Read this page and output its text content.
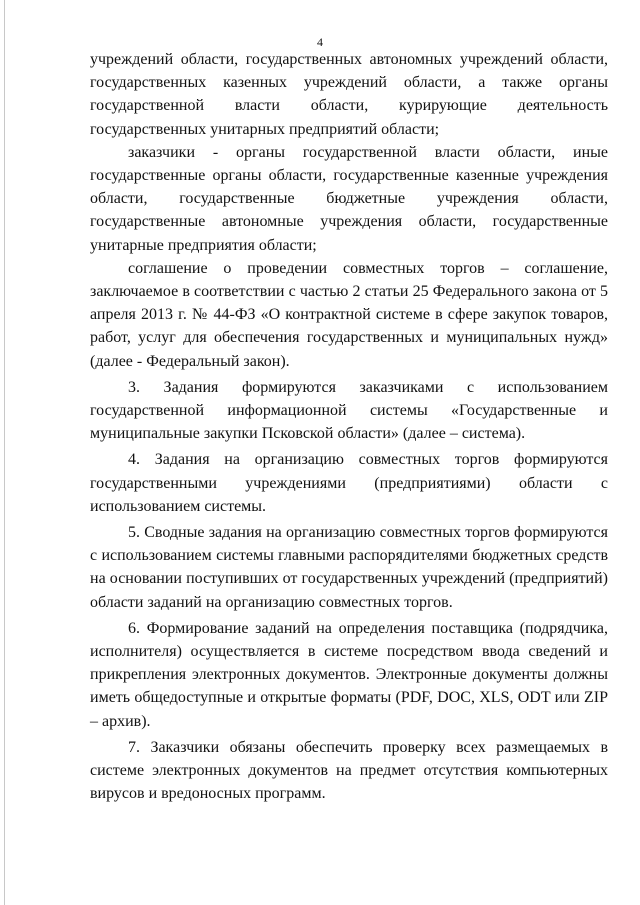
4

учреждений области, государственных автономных учреждений области, государственных казенных учреждений области, а также органы государственной власти области, курирующие деятельность государственных унитарных предприятий области;

заказчики - органы государственной власти области, иные государственные органы области, государственные казенные учреждения области, государственные бюджетные учреждения области, государственные автономные учреждения области, государственные унитарные предприятия области;

соглашение о проведении совместных торгов – соглашение, заключаемое в соответствии с частью 2 статьи 25 Федерального закона от 5 апреля 2013 г. № 44-ФЗ «О контрактной системе в сфере закупок товаров, работ, услуг для обеспечения государственных и муниципальных нужд» (далее - Федеральный закон).

3. Задания формируются заказчиками с использованием государственной информационной системы «Государственные и муниципальные закупки Псковской области» (далее – система).

4. Задания на организацию совместных торгов формируются государственными учреждениями (предприятиями) области с использованием системы.

5. Сводные задания на организацию совместных торгов формируются с использованием системы главными распорядителями бюджетных средств на основании поступивших от государственных учреждений (предприятий) области заданий на организацию совместных торгов.

6. Формирование заданий на определения поставщика (подрядчика, исполнителя) осуществляется в системе посредством ввода сведений и прикрепления электронных документов. Электронные документы должны иметь общедоступные и открытые форматы (PDF, DOC, XLS, ODT или ZIP – архив).

7. Заказчики обязаны обеспечить проверку всех размещаемых в системе электронных документов на предмет отсутствия компьютерных вирусов и вредоносных программ.
